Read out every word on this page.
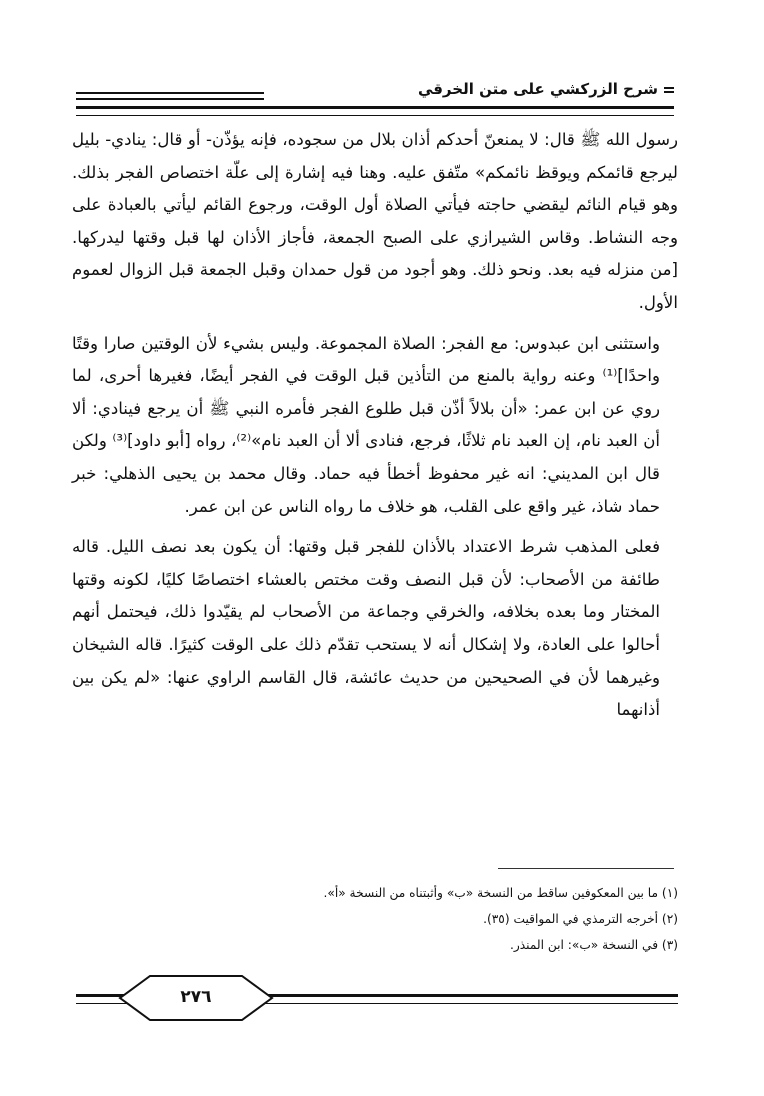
شرح الزركشي على متن الخرقي

رسول الله ﷺ قال: لا يمنعنّ أحدكم أذان بلال من سجوده، فإنه يؤذّن- أو قال: ينادي- بليل ليرجع قائمكم ويوقظ نائمكم» متّفق عليه. وهنا فيه إشارة إلى علّة اختصاص الفجر بذلك. وهو قيام النائم ليقضي حاجته فيأتي الصلاة أول الوقت، ورجوع القائم ليأتي بالعبادة على وجه النشاط. وقاس الشيرازي على الصبح الجمعة، فأجاز الأذان لها قبل وقتها ليدركها. [من منزله فيه بعد. ونحو ذلك. وهو أجود من قول حمدان وقبل الجمعة قبل الزوال لعموم الأول.

واستثنى ابن عبدوس: مع الفجر: الصلاة المجموعة. وليس بشيء لأن الوقتين صارا وقتًا واحدًا]⁽¹⁾ وعنه رواية بالمنع من التأذين قبل الوقت في الفجر أيضًا، فغيرها أحرى، لما روي عن ابن عمر: «أن بلالاً أذّن قبل طلوع الفجر فأمره النبي ﷺ أن يرجع فينادي: ألا أن العبد نام، إن العبد نام ثلاثًا، فرجع، فنادى ألا أن العبد نام»⁽²⁾، رواه [أبو داود]⁽³⁾ ولكن قال ابن المديني: انه غير محفوظ أخطأ فيه حماد. وقال محمد بن يحيى الذهلي: خبر حماد شاذ، غير واقع على القلب، هو خلاف ما رواه الناس عن ابن عمر.

فعلى المذهب شرط الاعتداد بالأذان للفجر قبل وقتها: أن يكون بعد نصف الليل. قاله طائفة من الأصحاب: لأن قبل النصف وقت مختص بالعشاء اختصاصًا كليًا، لكونه وقتها المختار وما بعده بخلافه، والخرقي وجماعة من الأصحاب لم يقيّدوا ذلك، فيحتمل أنهم أحالوا على العادة، ولا إشكال أنه لا يستحب تقدّم ذلك على الوقت كثيرًا. قاله الشيخان وغيرهما لأن في الصحيحين من حديث عائشة، قال القاسم الراوي عنها: «لم يكن بين أذانهما

(١) ما بين المعكوفين ساقط من النسخة «ب» وأثبتناه من النسخة «أ».
(٢) أخرجه الترمذي في المواقيت (٣٥).
(٣) في النسخة «ب»: ابن المنذر.
٢٧٦
